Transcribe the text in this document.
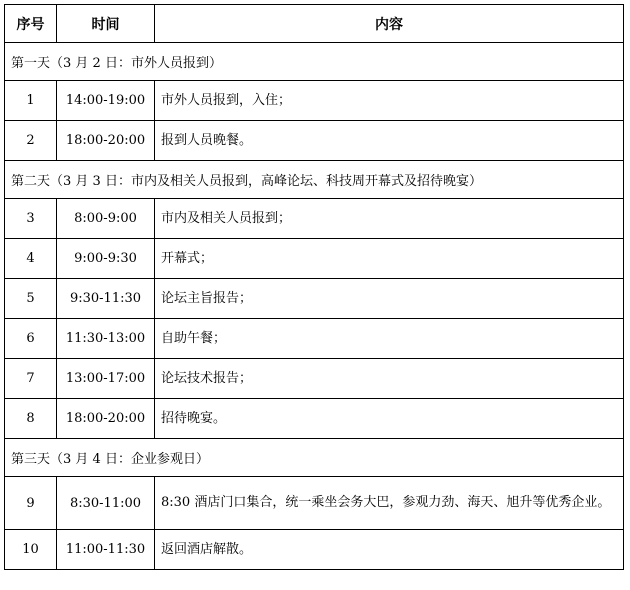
序号	时间	内容
第一天（3 月 2 日：市外人员报到）		
1	14:00-19:00	市外人员报到，入住；
2	18:00-20:00	报到人员晚餐。
第二天（3 月 3 日：市内及相关人员报到，高峰论坛、科技周开幕式及招待晚宴）		
3	8:00-9:00	市内及相关人员报到；
4	9:00-9:30	开幕式；
5	9:30-11:30	论坛主旨报告；
6	11:30-13:00	自助午餐；
7	13:00-17:00	论坛技术报告；
8	18:00-20:00	招待晚宴。
第三天（3 月 4 日：企业参观日）		
9	8:30-11:00	8:30 酒店门口集合，统一乘坐会务大巴，参观力劲、海天、旭升等优秀企业。
10	11:00-11:30	返回酒店解散。
